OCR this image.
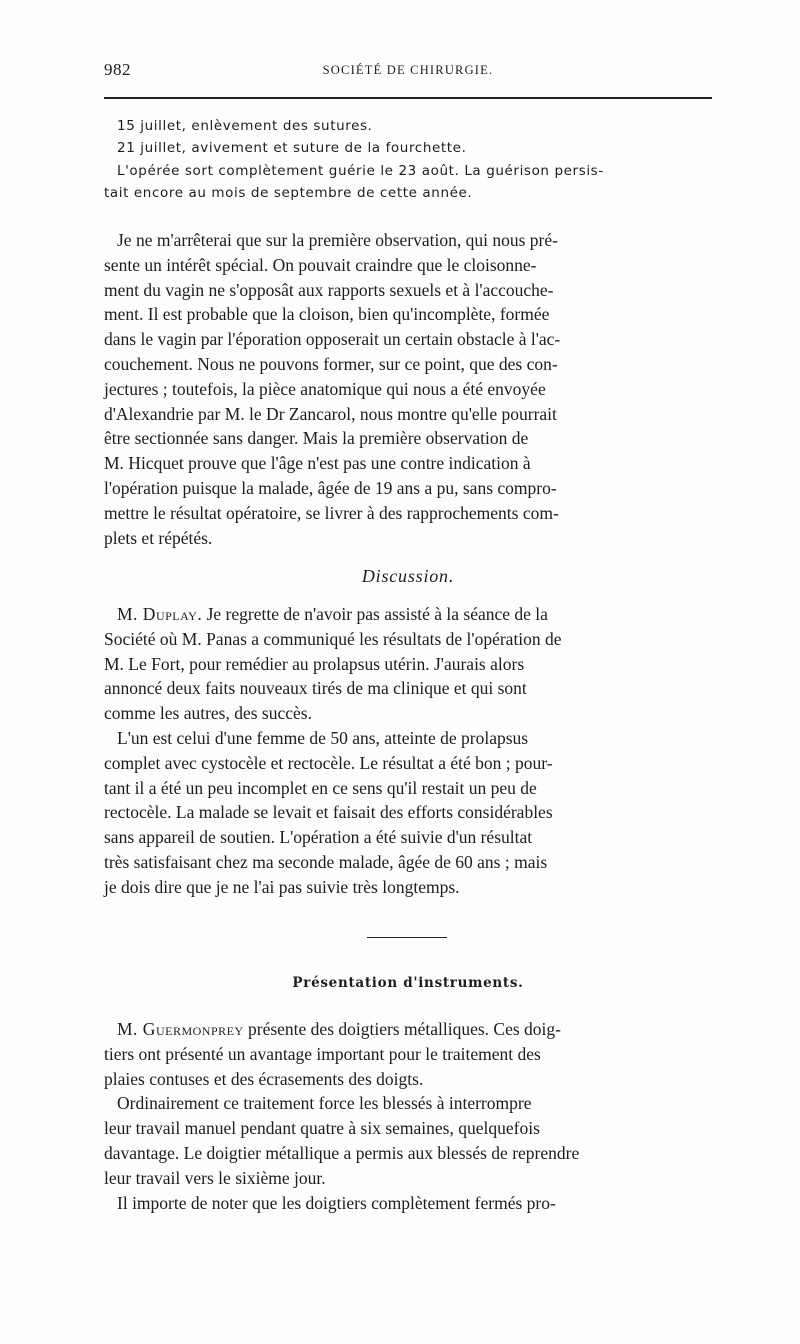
982	SOCIÉTÉ DE CHIRURGIE.
15 juillet, enlèvement des sutures.
21 juillet, avivement et suture de la fourchette.
L'opérée sort complètement guérie le 23 août. La guérison persis-
tait encore au mois de septembre de cette année.
Je ne m'arrêterai que sur la première observation, qui nous pré-
sente un intérêt spécial. On pouvait craindre que le cloisonne-
ment du vagin ne s'opposât aux rapports sexuels et à l'accouche-
ment. Il est probable que la cloison, bien qu'incomplète, formée
dans le vagin par l'époration opposerait un certain obstacle à l'ac-
couchement. Nous ne pouvons former, sur ce point, que des con-
jectures ; toutefois, la pièce anatomique qui nous a été envoyée
d'Alexandrie par M. le Dr Zancarol, nous montre qu'elle pourrait
être sectionnée sans danger. Mais la première observation de
M. Hicquet prouve que l'âge n'est pas une contre indication à
l'opération puisque la malade, âgée de 19 ans a pu, sans compro-
mettre le résultat opératoire, se livrer à des rapprochements com-
plets et répétés.
Discussion.
M. Duplay. Je regrette de n'avoir pas assisté à la séance de la
Société où M. Panas a communiqué les résultats de l'opération de
M. Le Fort, pour remédier au prolapsus utérin. J'aurais alors
annoncé deux faits nouveaux tirés de ma clinique et qui sont
comme les autres, des succès.
L'un est celui d'une femme de 50 ans, atteinte de prolapsus
complet avec cystocèle et rectocèle. Le résultat a été bon ; pour-
tant il a été un peu incomplet en ce sens qu'il restait un peu de
rectocèle. La malade se levait et faisait des efforts considérables
sans appareil de soutien. L'opération a été suivie d'un résultat
très satisfaisant chez ma seconde malade, âgée de 60 ans ; mais
je dois dire que je ne l'ai pas suivie très longtemps.
Présentation d'instruments.
M. Guermonprey présente des doigtiers métalliques. Ces doig-
tiers ont présenté un avantage important pour le traitement des
plaies contuses et des écrasements des doigts.
Ordinairement ce traitement force les blessés à interrompre
leur travail manuel pendant quatre à six semaines, quelquefois
davantage. Le doigtier métallique a permis aux blessés de reprendre
leur travail vers le sixième jour.
Il importe de noter que les doigtiers complètement fermés pro-
